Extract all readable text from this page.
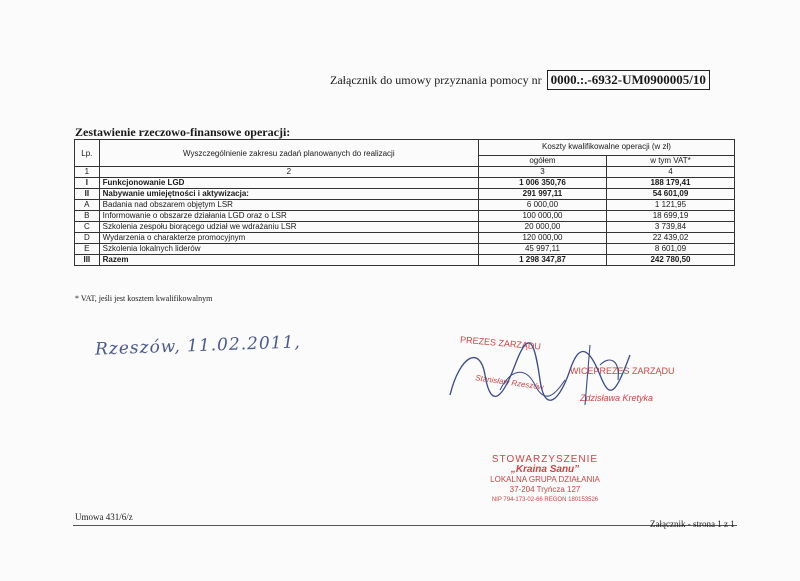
Załącznik do umowy przyznania pomocy nr 0000.:.-6932-UM0900005/10
Zestawienie rzeczowo-finansowe operacji:
Lp.	Wyszczególnienie zakresu zadań planowanych do realizacji	Koszty kwalifikowalne operacji (w zł)	
		ogółem	w tym VAT*
1	2	3	4
I	Funkcjonowanie LGD	1 006 350,76	188 179,41
II	Nabywanie umiejętności i aktywizacja:	291 997,11	54 601,09
A	Badania nad obszarem objętym LSR	6 000,00	1 121,95
B	Informowanie o obszarze działania LGD oraz o LSR	100 000,00	18 699,19
C	Szkolenia zespołu biorącego udział we wdrażaniu LSR	20 000,00	3 739,84
D	Wydarzenia o charakterze promocyjnym	120 000,00	22 439,02
E	Szkolenia lokalnych liderów	45 997,11	8 601,09
III	Razem	1 298 347,87	242 780,50
* VAT, jeśli jest kosztem kwalifikowalnym
Rzeszów, 11.02.2011,	PREZES ZARZĄDU
Stanisław Rzeszów
WICEPREZES ZARZĄDU
Zdzisława Kretyka
STOWARZYSZENIE
„Kraina Sanu”
LOKALNA GRUPA DZIAŁANIA
37-204 Tryńcza 127
NIP 794-173-02-66 REGON 180153526
Umowa 431/6/z
Załącznik - strona 1 z 1
